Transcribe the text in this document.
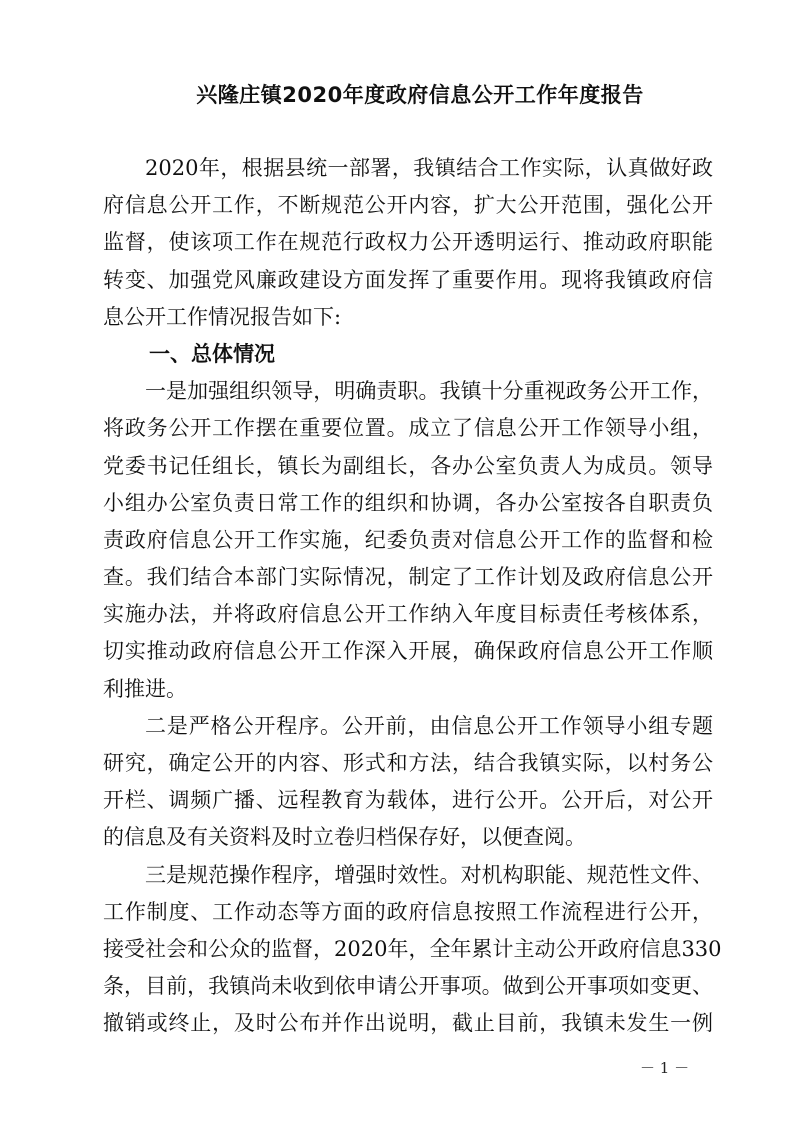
兴隆庄镇2020年度政府信息公开工作年度报告
2020年，根据县统一部署，我镇结合工作实际，认真做好政
府信息公开工作，不断规范公开内容，扩大公开范围，强化公开
监督，使该项工作在规范行政权力公开透明运行、推动政府职能
转变、加强党风廉政建设方面发挥了重要作用。现将我镇政府信
息公开工作情况报告如下:
一、总体情况
一是加强组织领导，明确责职。我镇十分重视政务公开工作，
将政务公开工作摆在重要位置。成立了信息公开工作领导小组，
党委书记任组长，镇长为副组长，各办公室负责人为成员。领导
小组办公室负责日常工作的组织和协调，各办公室按各自职责负
责政府信息公开工作实施，纪委负责对信息公开工作的监督和检
查。我们结合本部门实际情况，制定了工作计划及政府信息公开
实施办法，并将政府信息公开工作纳入年度目标责任考核体系，
切实推动政府信息公开工作深入开展，确保政府信息公开工作顺
利推进。
二是严格公开程序。公开前，由信息公开工作领导小组专题
研究，确定公开的内容、形式和方法，结合我镇实际，以村务公
开栏、调频广播、远程教育为载体，进行公开。公开后，对公开
的信息及有关资料及时立卷归档保存好，以便查阅。
三是规范操作程序，增强时效性。对机构职能、规范性文件、
工作制度、工作动态等方面的政府信息按照工作流程进行公开，
接受社会和公众的监督，2020年，全年累计主动公开政府信息330
条，目前，我镇尚未收到依申请公开事项。做到公开事项如变更、
撤销或终止，及时公布并作出说明，截止目前，我镇未发生一例
－ 1 －
